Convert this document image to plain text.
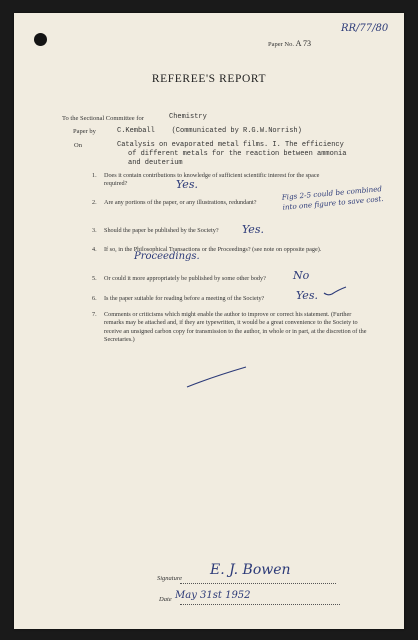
RR/77/80
Paper No. A 73
REFEREE'S REPORT
To the Sectional Committee for	Chemistry
Paper by	C.Kemball    (Communicated by R.G.W.Norrish)
On	Catalysis on evaporated metal films. I. The efficiency
of different metals for the reaction between ammonia
and deuterium
1. Does it contain contributions to knowledge of sufficient scientific interest for the space required?	Yes.
2. Are any portions of the paper, or any illustrations, redundant?
Figs 2-5 could be combined into one figure to save cost.
3. Should the paper be published by the Society?	Yes.
4. If so, in the Philosophical Transactions or the Proceedings? (see note on opposite page).
Proceedings.
5. Or could it more appropriately be published by some other body?	No
6. Is the paper suitable for reading before a meeting of the Society?	Yes.
7. Comments or criticisms which might enable the author to improve or correct his statement. (Further remarks may be attached and, if they are typewritten, it would be a great convenience to the Society to receive an unsigned carbon copy for transmission to the author, in whole or in part, at the discretion of the Secretaries.)
Signature
E. J. Bowen
Date May 31st 1952
